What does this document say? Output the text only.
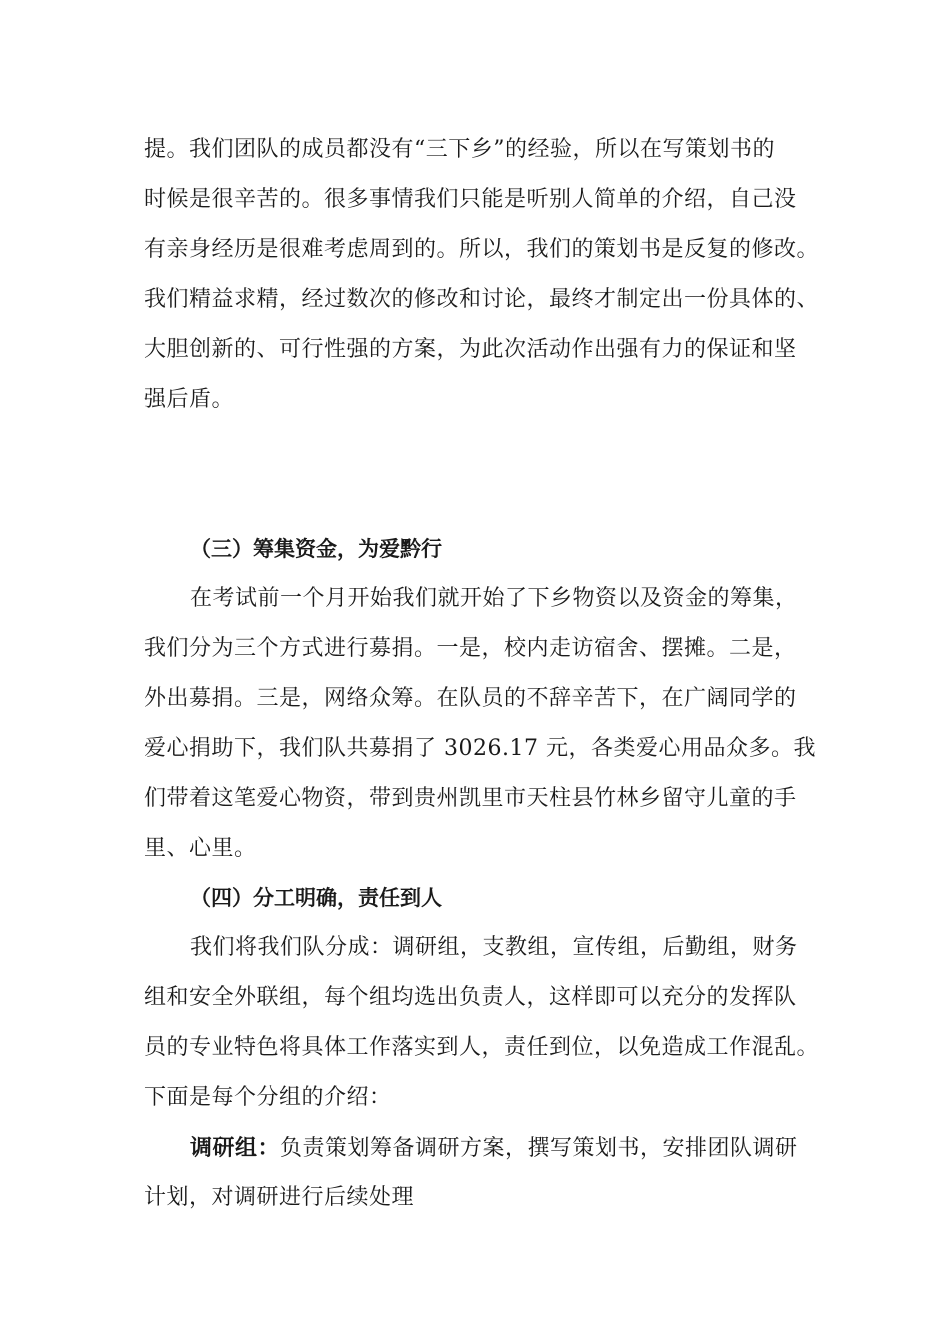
提。我们团队的成员都没有“三下乡”的经验，所以在写策划书的
时候是很辛苦的。很多事情我们只能是听别人简单的介绍，自己没
有亲身经历是很难考虑周到的。所以，我们的策划书是反复的修改。
我们精益求精，经过数次的修改和讨论，最终才制定出一份具体的、
大胆创新的、可行性强的方案，为此次活动作出强有力的保证和坚
强后盾。
（三）筹集资金，为爱黔行
在考试前一个月开始我们就开始了下乡物资以及资金的筹集，
我们分为三个方式进行募捐。一是，校内走访宿舍、摆摊。二是，
外出募捐。三是，网络众筹。在队员的不辞辛苦下，在广阔同学的
爱心捐助下，我们队共募捐了 3026.17 元，各类爱心用品众多。我
们带着这笔爱心物资，带到贵州凯里市天柱县竹林乡留守儿童的手
里、心里。
（四）分工明确，责任到人
我们将我们队分成：调研组，支教组，宣传组，后勤组，财务
组和安全外联组，每个组均选出负责人，这样即可以充分的发挥队
员的专业特色将具体工作落实到人，责任到位，以免造成工作混乱。
下面是每个分组的介绍：
调研组：负责策划筹备调研方案，撰写策划书，安排团队调研
计划，对调研进行后续处理
